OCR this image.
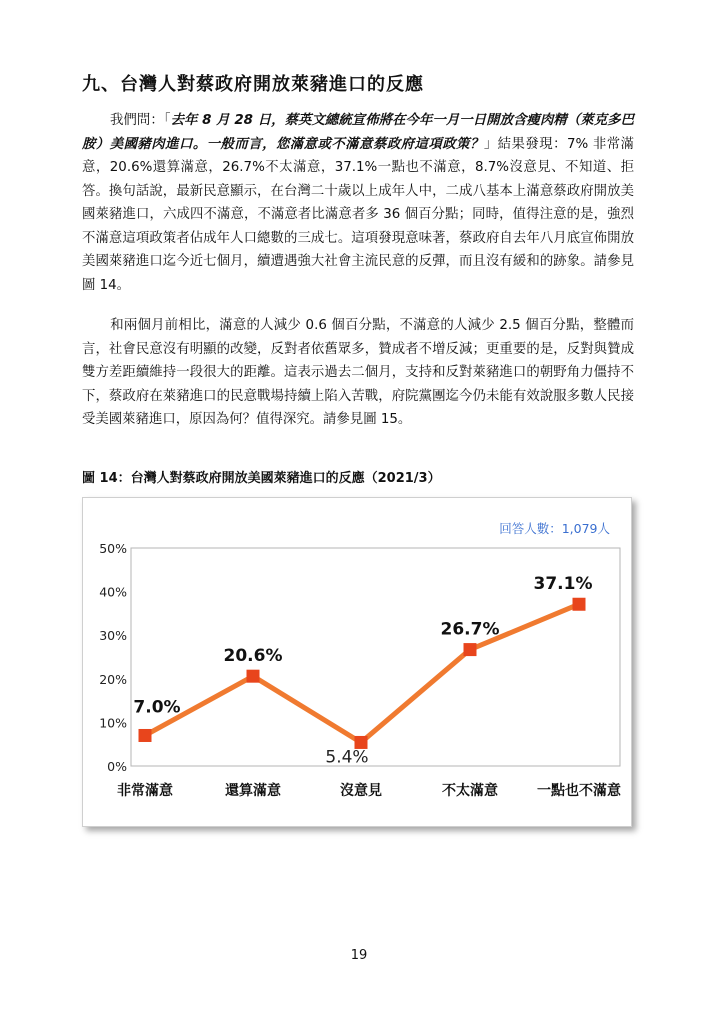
九、台灣人對蔡政府開放萊豬進口的反應

我們問：「去年 8 月 28 日，蔡英文總統宣佈將在今年一月一日開放含瘦肉精（萊克多巴胺）美國豬肉進口。一般而言，您滿意或不滿意蔡政府這項政策？」結果發現：7% 非常滿意，20.6%還算滿意，26.7%不太滿意，37.1%一點也不滿意，8.7%沒意見、不知道、拒答。換句話說，最新民意顯示，在台灣二十歲以上成年人中，二成八基本上滿意蔡政府開放美國萊豬進口，六成四不滿意，不滿意者比滿意者多 36 個百分點；同時，值得注意的是，強烈不滿意這項政策者佔成年人口總數的三成七。這項發現意味著，蔡政府自去年八月底宣佈開放美國萊豬進口迄今近七個月，續遭遇強大社會主流民意的反彈，而且沒有緩和的跡象。請參見圖 14。

和兩個月前相比，滿意的人減少 0.6 個百分點，不滿意的人減少 2.5 個百分點，整體而言，社會民意沒有明顯的改變，反對者依舊眾多，贊成者不增反減；更重要的是，反對與贊成雙方差距續維持一段很大的距離。這表示過去二個月，支持和反對萊豬進口的朝野角力僵持不下，蔡政府在萊豬進口的民意戰場持續上陷入苦戰，府院黨團迄今仍未能有效說服多數人民接受美國萊豬進口，原因為何？值得深究。請參見圖 15。

圖 14：台灣人對蔡政府開放美國萊豬進口的反應（2021/3）

0%
10%
20%
30%
40%
50%
非常滿意	還算滿意	沒意見	不太滿意	一點也不滿意
回答人數：1,079人
7.0%
20.6%
5.4%
26.7%
37.1%

19
